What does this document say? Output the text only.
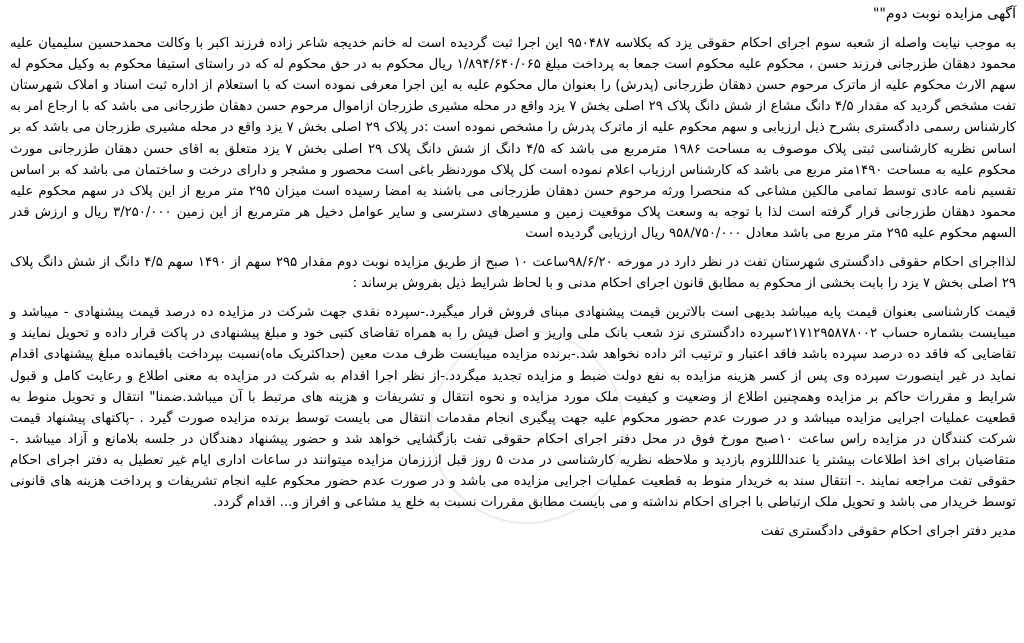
آگهی مزایده نوبت دوم""

به موجب نیابت واصله از شعبه سوم اجرای احکام حقوقی یزد که بکلاسه ۹۵۰۴۸۷ این اجرا ثبت گردیده است له خانم خدیجه شاعر زاده فرزند اکبر با وکالت محمدحسین سلیمیان علیه محمود دهقان طزرجانی فرزند حسن ، محکوم علیه محکوم است جمعا به پرداخت مبلغ ۱/۸۹۴/۶۴۰/۰۶۵ ریال محکوم به در حق محکوم له که در راستای استیفا محکوم به وکیل محکوم له سهم الارث محکوم علیه از ماترک مرحوم حسن دهقان طزرجانی (پدرش) را بعنوان مال محکوم علیه به این اجرا معرفی نموده است که با استعلام از اداره ثبت اسناد و املاک شهرستان تفت مشخص گردید که مقدار ۴/۵ دانگ مشاع از شش دانگ پلاک ۲۹ اصلی بخش ۷ یزد واقع در محله مشیری طزرجان ازاموال مرحوم حسن دهقان طزرجانی می باشد که با ارجاع امر به کارشناس رسمی دادگستری بشرح ذیل ارزیابی و سهم محکوم علیه از ماترک پدرش را مشخص نموده است :در پلاک ۲۹ اصلی بخش ۷ یزد واقع در محله مشیری طزرجان می باشد که بر اساس نظریه کارشناسی ثبتی پلاک موصوف به مساحت ۱۹۸۶ مترمربع می باشد که ۴/۵ دانگ از شش دانگ پلاک ۲۹ اصلی بخش ۷ یزد متعلق به اقای حسن دهقان طزرجانی مورث محکوم علیه به مساحت ۱۴۹۰متر مربع می باشد که کارشناس ارزیاب اعلام نموده است کل پلاک موردنظر باغی است محصور و مشجر و دارای درخت و ساختمان می باشد که بر اساس تقسیم نامه عادی توسط تمامی مالکین مشاعی که منحصرا ورثه مرحوم حسن دهقان طزرجانی می باشند به امضا رسیده است میزان ۲۹۵ متر مربع از این پلاک در سهم محکوم علیه محمود دهقان طزرجانی قرار گرفته است لذا با توجه به وسعت پلاک موقعیت زمین و مسیرهای دسترسی و سایر عوامل دخیل هر مترمربع از این زمین ۳/۲۵۰/۰۰۰ ریال و ارزش قدر السهم محکوم علیه ۲۹۵ متر مربع می باشد معادل ۹۵۸/۷۵۰/۰۰۰ ریال ارزیابی گردیده است

لذااجرای احکام حقوقی دادگستری شهرستان تفت در نظر دارد در مورخه ۹۸/۶/۲۰ساعت ۱۰ صبح از طریق مزایده نوبت دوم مقدار ۲۹۵ سهم از ۱۴۹۰ سهم ۴/۵ دانگ از شش دانگ پلاک ۲۹ اصلی بخش ۷ یزد را بابت بخشی از محکوم به مطابق قانون اجرای احکام مدنی و با لحاظ شرایط ذیل بفروش برساند :

قیمت کارشناسی بعنوان قیمت پایه میباشد بدیهی است بالاترین قیمت پیشنهادی مبنای فروش قرار میگیرد.-سپرده نقدی جهت شرکت در مزایده ده درصد قیمت پیشنهادی - میباشد و میبایست بشماره حساب ۲۱۷۱۲۹۵۸۷۸۰۰۲سپرده دادگستری نزد شعب بانک ملی واریز و اصل فیش را به همراه تقاضای کتبی خود و مبلغ پیشنهادی در پاکت قرار داده و تحویل نمایند و تقاضایی که فاقد ده درصد سپرده باشد فاقد اعتبار و ترتیب اثر داده نخواهد شد.-برنده مزایده میبایست ظرف مدت معین (حداکثریک ماه)نسبت بپرداخت باقیمانده مبلغ پیشنهادی اقدام نماید در غیر اینصورت سپرده وی پس از کسر هزینه مزایده به نفع دولت ضبط و مزایده تجدید میگردد.-از نظر اجرا اقدام به شرکت در مزایده به معنی اطلاع و رعایت کامل و قبول شرایط و مقررات حاکم بر مزایده وهمچنین اطلاع از وضعیت و کیفیت ملک مورد مزایده و نحوه انتقال و تشریفات و هزینه های مرتبط با آن میباشد.ضمنا" انتقال و تحویل منوط به قطعیت عملیات اجرایی مزایده میباشد و در صورت عدم حضور محکوم علیه جهت پیگیری انجام مقدمات انتقال می بایست توسط برنده مزایده صورت گیرد . -پاکتهای پیشنهاد قیمت شرکت کنندگان در مزایده راس ساعت ۱۰صبح مورخ فوق در محل دفتر اجرای احکام حقوقی تفت بازگشایی خواهد شد و حضور پیشنهاد دهندگان در جلسه بلامانع و آزاد میباشد .-متقاضیان برای اخذ اطلاعات بیشتر یا عندالللزوم بازدید و ملاحظه نظریه کارشناسی در مدت ۵ روز قبل ازززمان مزایده میتوانند در ساعات اداری ایام غیر تعطیل به دفتر اجرای احکام حقوقی تفت مراجعه نمایند .- انتقال سند به خریدار منوط به قطعیت عملیات اجرایی مزایده می باشد و در صورت عدم حضور محکوم علیه انجام تشریفات و پرداخت هزینه های قانونی توسط خریدار می باشد و تحویل ملک ارتباطی با اجرای احکام نداشته و می بایست مطابق مقررات نسبت به خلع ید مشاعی و افراز و... اقدام گردد.

مدیر دفتر اجرای احکام حقوقی دادگستری تفت
